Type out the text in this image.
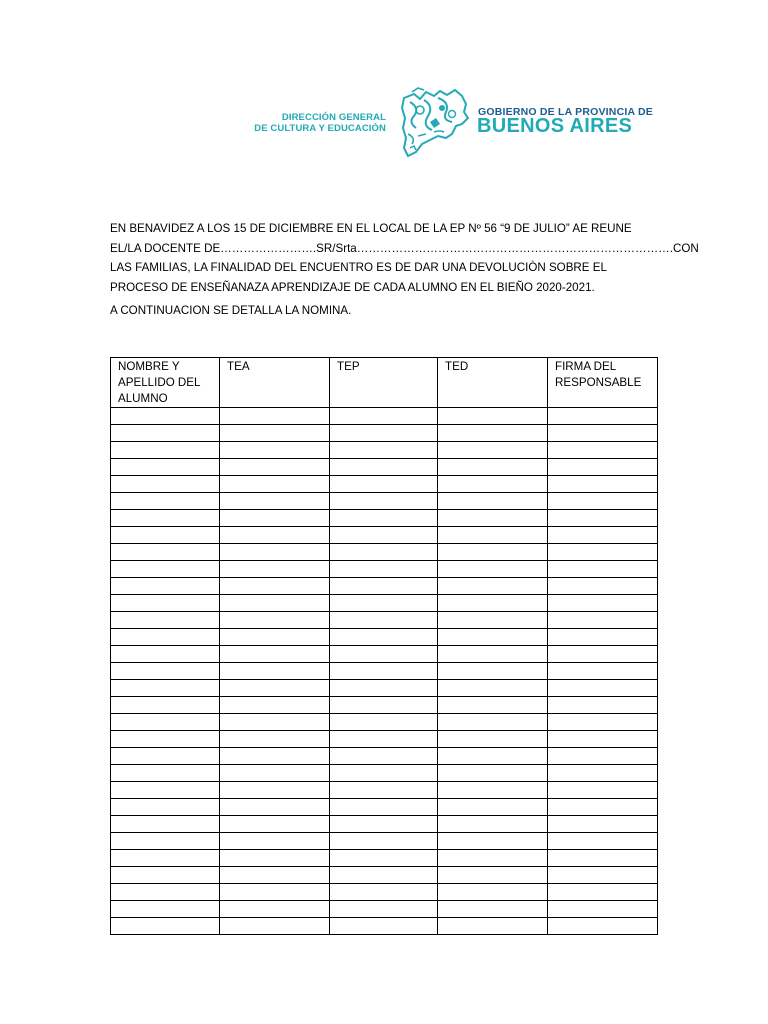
DIRECCIÓN GENERAL
DE CULTURA Y EDUCACIÓN
GOBIERNO DE LA PROVINCIA DE
BUENOS AIRES

EN BENAVIDEZ A LOS 15 DE DICIEMBRE EN EL LOCAL DE LA EP Nº 56 “9 DE JULIO” AE REUNE

EL/LA DOCENTE DE…………………….SR/Srta……………………………………………………………………….CON

LAS FAMILIAS, LA FINALIDAD DEL ENCUENTRO ES DE DAR UNA DEVOLUCIÒN SOBRE EL

PROCESO DE ENSEÑANAZA APRENDIZAJE DE CADA ALUMNO EN EL BIEÑO 2020-2021.

A CONTINUACION SE DETALLA LA NOMINA.
NOMBRE Y APELLIDO DEL ALUMNO	TEA	TEP	TED	FIRMA DEL RESPONSABLE
